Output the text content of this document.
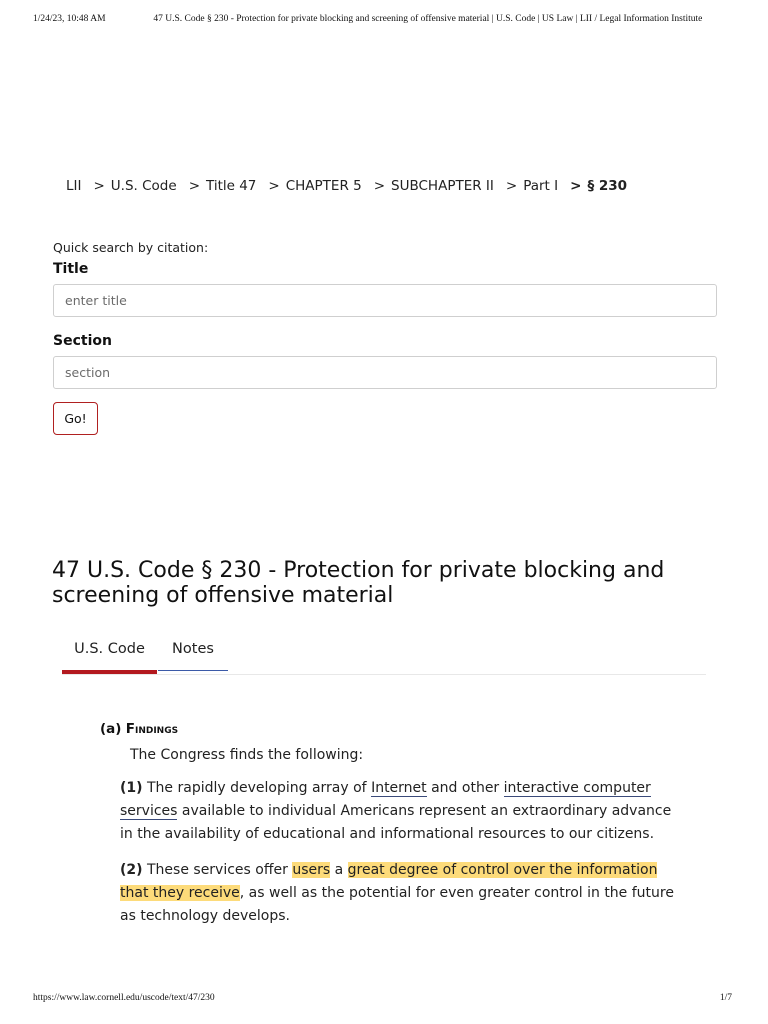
1/24/23, 10:48 AM	47 U.S. Code § 230 - Protection for private blocking and screening of offensive material | U.S. Code | US Law | LII / Legal Information Institute
LII > U.S. Code > Title 47 > CHAPTER 5 > SUBCHAPTER II > Part I > § 230

Quick search by citation:

Title

enter title

Section

section
Go!
47 U.S. Code § 230 - Protection for private blocking and screening of offensive material
U.S. Code	Notes

(a) Findings

The Congress finds the following:

(1) The rapidly developing array of Internet and other interactive computer services available to individual Americans represent an extraordinary advance in the availability of educational and informational resources to our citizens.

(2) These services offer users a great degree of control over the information that they receive, as well as the potential for even greater control in the future as technology develops.

https://www.law.cornell.edu/uscode/text/47/230	1/7
